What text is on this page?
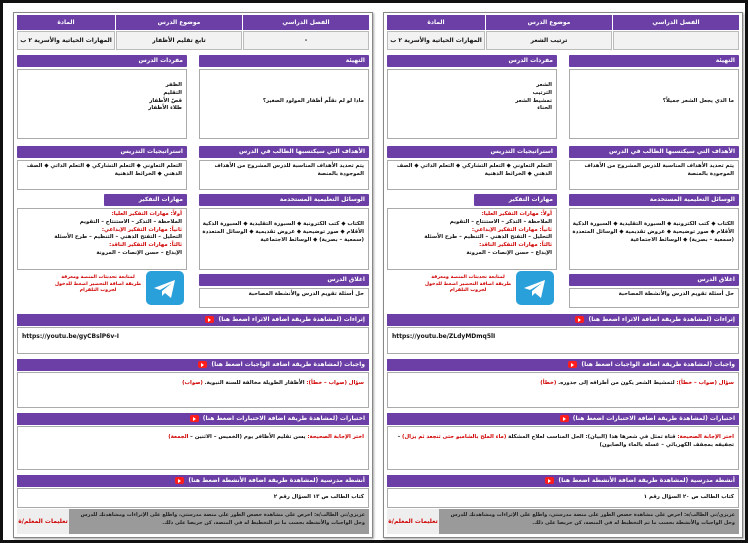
الفصل الدراسي
موضوع الدرس
المادة
ترتيب الشعر
المهارات الحياتية والأسرية ٢ ب
التهيئة
مفردات الدرس
ما الذي يجعل الشعر جميلاً؟
الشعر
الترتيب
تمشيط الشعر
الحناء
الأهداف التي سيكتسبها الطالب في الدرس
استراتيجيات التدريس
يتم تحديد الأهداف المناسبة للدرس المشروح من الأهداف الموجودة بالمنصة
التعلم التعاوني ◆ التعلم التشاركي ◆ التعلم الذاتي ◆ الصف الذهني ◆ الخرائط الذهنية
الوسائل التعليمية المستخدمة
مهارات التفكير
الكتاب ◆ كتب الكترونية ◆ السبورة التقليدية ◆ السبورة الذكية
الأقلام ◆ صور توضيحية ◆ عروض تقديمية ◆ الوسائل المتعددة
(سمعية – بصرية) ◆ الوسائط الاجتماعية
أولاً: مهارات التفكير العليا:
الملاحظة – التذكر – الاستنتاج – التقويم
ثانياً: مهارات التفكير الإبداعي:
التحليل – التفتح الذهني – التنظيم – طرح الأسئلة
ثالثاً: مهارات التفكير الناقد:
الإبداع – حسن الإنصات – المرونة
اغلاق الدرس
حل أسئلة تقويم الدرس والأنشطة المصاحبة
لمتابعة تحديثات المنصة ومعرفة طريقة اضافة التحضير اضغط للدخول لجروب التلقرام
إثراءات (لمشاهدة طريقة اضافة الاثراء اضغط هنا)
https://youtu.be/ZLdyMDmq5lI
واجبات (لمشاهدة طريقة اضافة الواجبات اضغط هنا)
سؤال (صواب – خطأ): لتمشيط الشعر يكون من أطرافه إلى جذوره. (خطأ)
اختبارات (لمشاهدة طريقة اضافة الاختبارات اضغط هنا)
اختر الإجابة الصحيحة: قناة تمثل في شعرها هذا (البيان): الحل المناسب لعلاج المشكلة (ماء الملح بالشامبو حتى تنجعد ثم يزال) – تجفيفه بمجفف الكهربائي – غسله بالماء والصابون)
أنشطة مدرسية (لمشاهدة طريقة اضافة الأنشطة اضغط هنا)
كتاب الطالب ص ٢٠ السؤال رقم ١
عزيزي/تي الطالب/ة: احرص على مشاهدة حصص الطور على منصة مدرستي، واطلع على الإثراءات ومشاهدتك للدرس وحل الواجبات والأنشطة بحسب ما تم التخطيط له في المنصة، كن حريصا على ذلك.
تعليمات المعلم/ة
الفصل الدراسي
موضوع الدرس
المادة
-
تابع تقليم الأظفار
المهارات الحياتية والأسرية ٢ ب
التهيئة
مفردات الدرس
ماذا لو لم نقلّم أظفار المولود الصغير؟
الظفر
التقليم
قصّ الأظفار
طلاء الأظفار
الأهداف التي سيكتسبها الطالب في الدرس
استراتيجيات التدريس
يتم تحديد الأهداف المناسبة للدرس المشروح من الأهداف الموجودة بالمنصة
التعلم التعاوني ◆ التعلم التشاركي ◆ التعلم الذاتي ◆ الصف الذهني ◆ الخرائط الذهنية
الوسائل التعليمية المستخدمة
مهارات التفكير
الكتاب ◆ كتب الكترونية ◆ السبورة التقليدية ◆ السبورة الذكية
الأقلام ◆ صور توضيحية ◆ عروض تقديمية ◆ الوسائل المتعددة
(سمعية – بصرية) ◆ الوسائط الاجتماعية
أولاً: مهارات التفكير العليا:
الملاحظة – التذكر – الاستنتاج – التقويم
ثانياً: مهارات التفكير الإبداعي:
التحليل – التفتح الذهني – التنظيم – طرح الأسئلة
ثالثاً: مهارات التفكير الناقد:
الإبداع – حسن الإنصات – المرونة
اغلاق الدرس
حل أسئلة تقويم الدرس والأنشطة المصاحبة
لمتابعة تحديثات المنصة ومعرفة طريقة اضافة التحضير اضغط للدخول لجروب التلقرام
إثراءات (لمشاهدة طريقة اضافة الاثراء اضغط هنا)
https://youtu.be/gyCBslP6v-I
واجبات (لمشاهدة طريقة اضافة الواجبات اضغط هنا)
سؤال (صواب – خطأ): الأظفار الطويلة مخالفة للسنة النبوية. (صواب)
اختبارات (لمشاهدة طريقة اضافة الاختبارات اضغط هنا)
اختر الإجابة الصحيحة: يسن تقليم الأظافر يوم (الخميس – الاثنين – الجمعة)
أنشطة مدرسية (لمشاهدة طريقة اضافة الأنشطة اضغط هنا)
كتاب الطالب ص ١٣ السؤال رقم ٢
عزيزي/تي الطالب/ة: احرص على مشاهدة حصص الطور على منصة مدرستي، واطلع على الإثراءات ومشاهدتك للدرس وحل الواجبات والأنشطة بحسب ما تم التخطيط له في المنصة، كن حريصا على ذلك.
تعليمات المعلم/ة
